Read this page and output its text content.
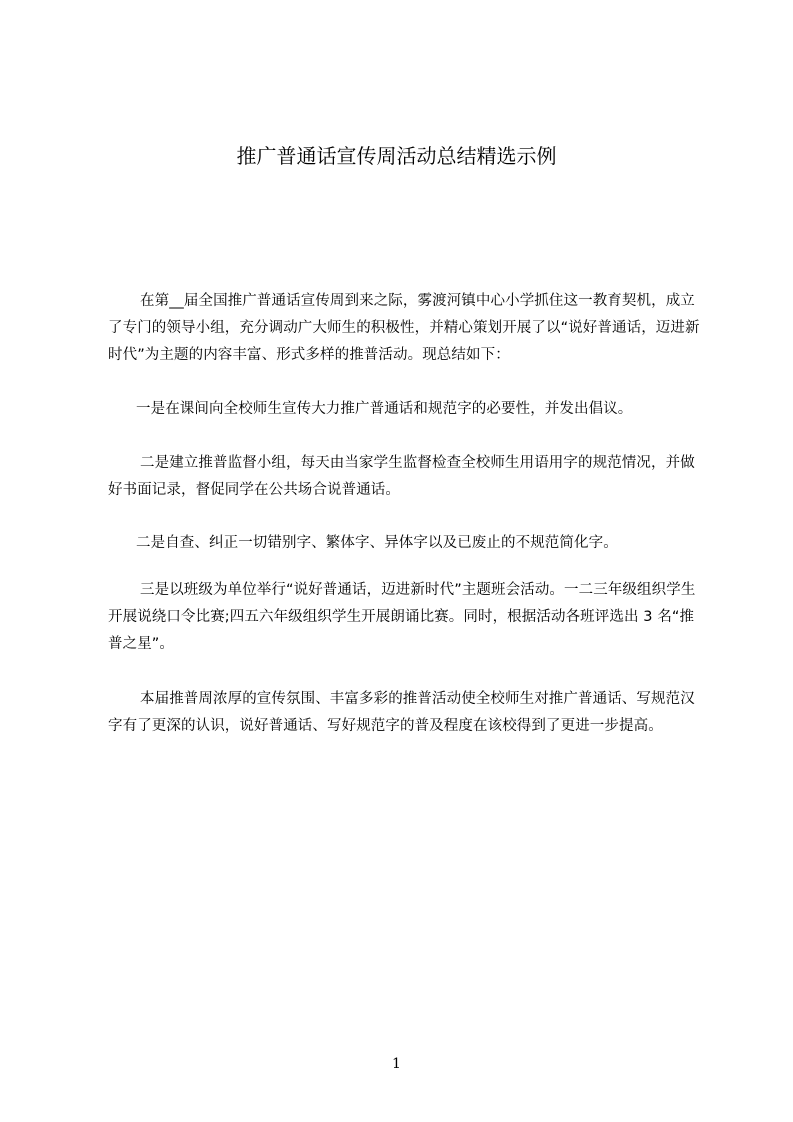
推广普通话宣传周活动总结精选示例

在第__届全国推广普通话宣传周到来之际，雾渡河镇中心小学抓住这一教育契机，成立了专门的领导小组，充分调动广大师生的积极性，并精心策划开展了以“说好普通话，迈进新时代”为主题的内容丰富、形式多样的推普活动。现总结如下：

一是在课间向全校师生宣传大力推广普通话和规范字的必要性，并发出倡议。

二是建立推普监督小组，每天由当家学生监督检查全校师生用语用字的规范情况，并做好书面记录，督促同学在公共场合说普通话。

二是自查、纠正一切错别字、繁体字、异体字以及已废止的不规范简化字。

三是以班级为单位举行“说好普通话，迈进新时代”主题班会活动。一二三年级组织学生开展说绕口令比赛;四五六年级组织学生开展朗诵比赛。同时，根据活动各班评选出 3 名“推普之星”。

本届推普周浓厚的宣传氛围、丰富多彩的推普活动使全校师生对推广普通话、写规范汉字有了更深的认识，说好普通话、写好规范字的普及程度在该校得到了更进一步提高。

1
